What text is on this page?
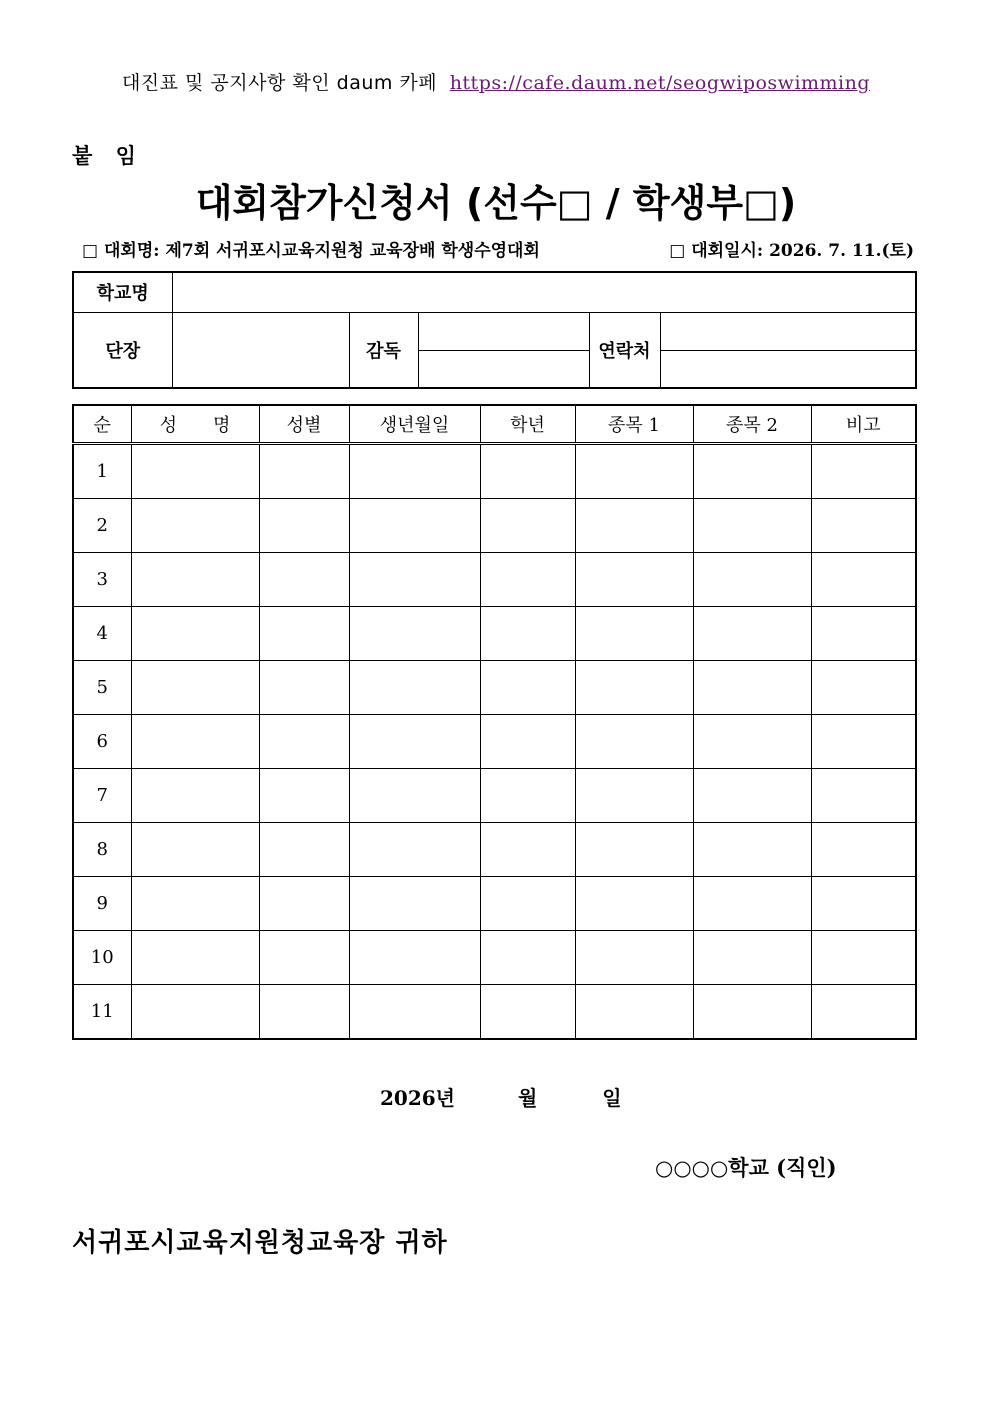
대진표 및 공지사항 확인 daum 카페 https://cafe.daum.net/seogwiposwimming
붙 임
대회참가신청서 (선수□ / 학생부□)
□ 대회명: 제7회 서귀포시교육지원청 교육장배 학생수영대회	□ 대회일시: 2026. 7. 11.(토)
학교명					
단장		감독		연락처	

순	성　　명	성별	생년월일	학년	종목 1	종목 2	비고
1							
2							
3							
4							
5							
6							
7							
8							
9							
10							
11							
2026년	월	일
○○○○학교 (직인)
서귀포시교육지원청교육장 귀하
